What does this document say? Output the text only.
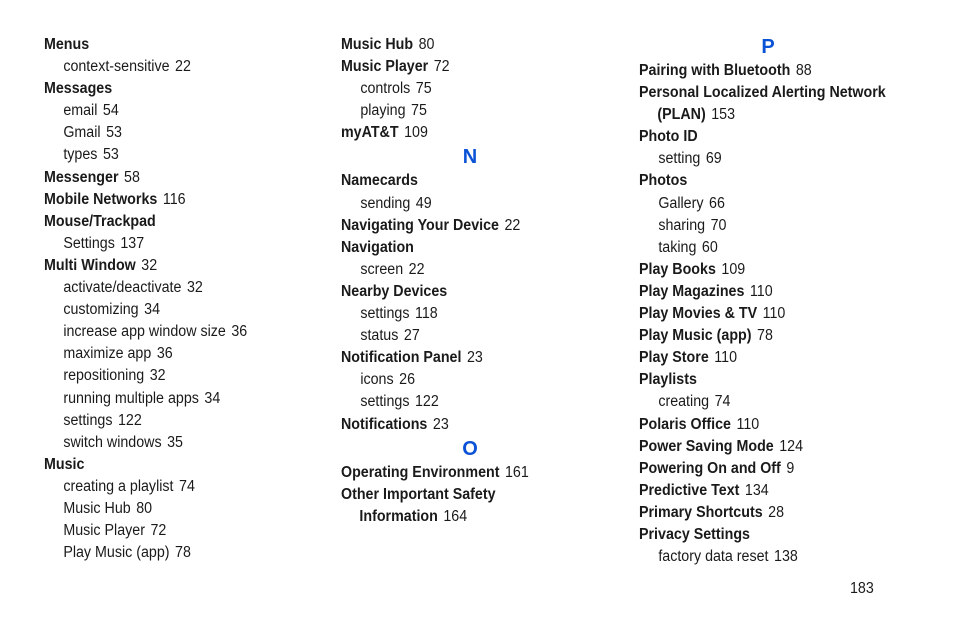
Menus
context-sensitive 22
Messages
email 54
Gmail 53
types 53
Messenger 58
Mobile Networks 116
Mouse/Trackpad
Settings 137
Multi Window 32
activate/deactivate 32
customizing 34
increase app window size 36
maximize app 36
repositioning 32
running multiple apps 34
settings 122
switch windows 35
Music
creating a playlist 74
Music Hub 80
Music Player 72
Play Music (app) 78
Music Hub 80
Music Player 72
controls 75
playing 75
myAT&T 109
N
Namecards
sending 49
Navigating Your Device 22
Navigation
screen 22
Nearby Devices
settings 118
status 27
Notification Panel 23
icons 26
settings 122
Notifications 23
O
Operating Environment 161
Other Important Safety
Information 164
P
Pairing with Bluetooth 88
Personal Localized Alerting Network
(PLAN) 153
Photo ID
setting 69
Photos
Gallery 66
sharing 70
taking 60
Play Books 109
Play Magazines 110
Play Movies & TV 110
Play Music (app) 78
Play Store 110
Playlists
creating 74
Polaris Office 110
Power Saving Mode 124
Powering On and Off 9
Predictive Text 134
Primary Shortcuts 28
Privacy Settings
factory data reset 138
183
